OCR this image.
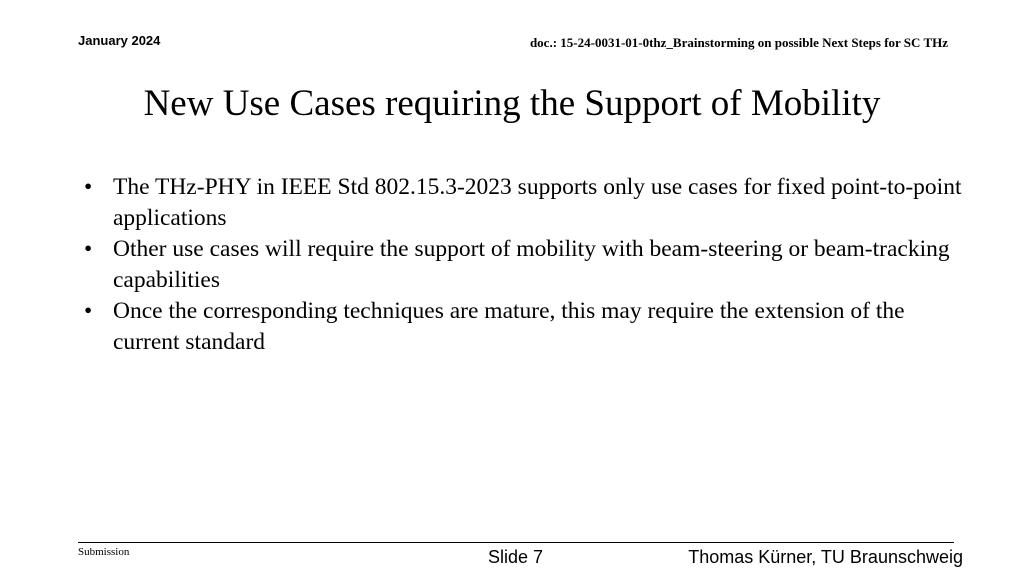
January 2024	doc.: 15-24-0031-01-0thz_Brainstorming on possible Next Steps for SC THz
New Use Cases requiring the Support of Mobility
• The THz-PHY in IEEE Std 802.15.3-2023 supports only use cases for fixed point-to-point applications
• Other use cases will require the support of mobility with beam-steering or beam-tracking capabilities
• Once the corresponding techniques are mature, this may require the extension of the current standard
Submission	Slide 7	Thomas Kürner, TU Braunschweig
